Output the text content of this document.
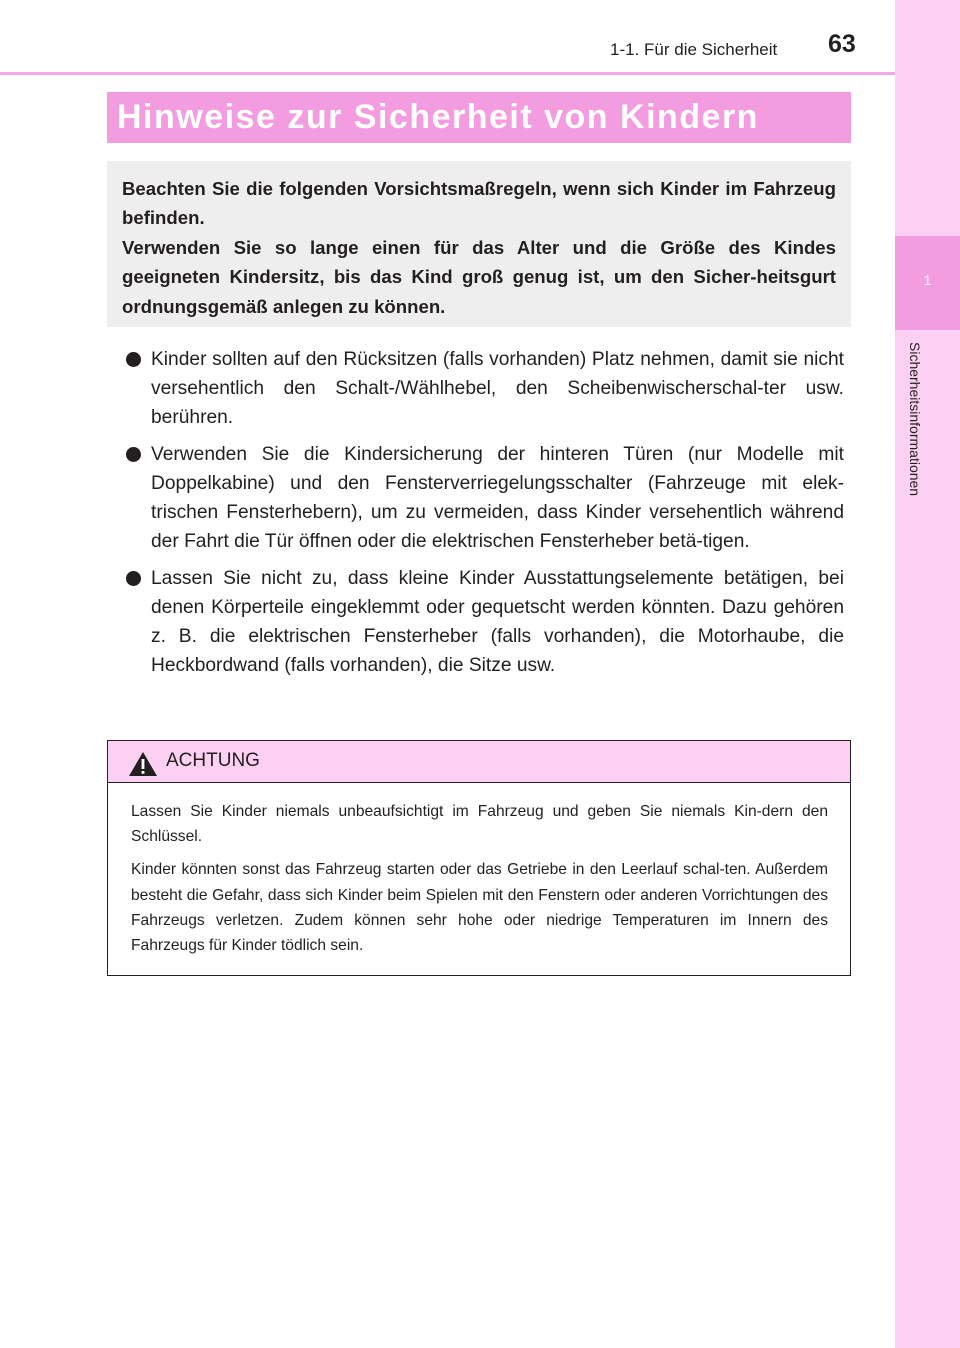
1-1. Für die Sicherheit 63
1
Sicherheitsinformationen
Hinweise zur Sicherheit von Kindern

Beachten Sie die folgenden Vorsichtsmaßregeln, wenn sich Kinder im Fahrzeug befinden.

Verwenden Sie so lange einen für das Alter und die Größe des Kindes geeigneten Kindersitz, bis das Kind groß genug ist, um den Sicher-heitsgurt ordnungsgemäß anlegen zu können.

Kinder sollten auf den Rücksitzen (falls vorhanden) Platz nehmen, damit sie nicht versehentlich den Schalt-/Wählhebel, den Scheibenwischerschal-ter usw. berühren.
Verwenden Sie die Kindersicherung der hinteren Türen (nur Modelle mit Doppelkabine) und den Fensterverriegelungsschalter (Fahrzeuge mit elek-trischen Fensterhebern), um zu vermeiden, dass Kinder versehentlich während der Fahrt die Tür öffnen oder die elektrischen Fensterheber betä-tigen.
Lassen Sie nicht zu, dass kleine Kinder Ausstattungselemente betätigen, bei denen Körperteile eingeklemmt oder gequetscht werden könnten. Dazu gehören z. B. die elektrischen Fensterheber (falls vorhanden), die Motorhaube, die Heckbordwand (falls vorhanden), die Sitze usw.
ACHTUNG

Lassen Sie Kinder niemals unbeaufsichtigt im Fahrzeug und geben Sie niemals Kin-dern den Schlüssel.

Kinder könnten sonst das Fahrzeug starten oder das Getriebe in den Leerlauf schal-ten. Außerdem besteht die Gefahr, dass sich Kinder beim Spielen mit den Fenstern oder anderen Vorrichtungen des Fahrzeugs verletzen. Zudem können sehr hohe oder niedrige Temperaturen im Innern des Fahrzeugs für Kinder tödlich sein.
